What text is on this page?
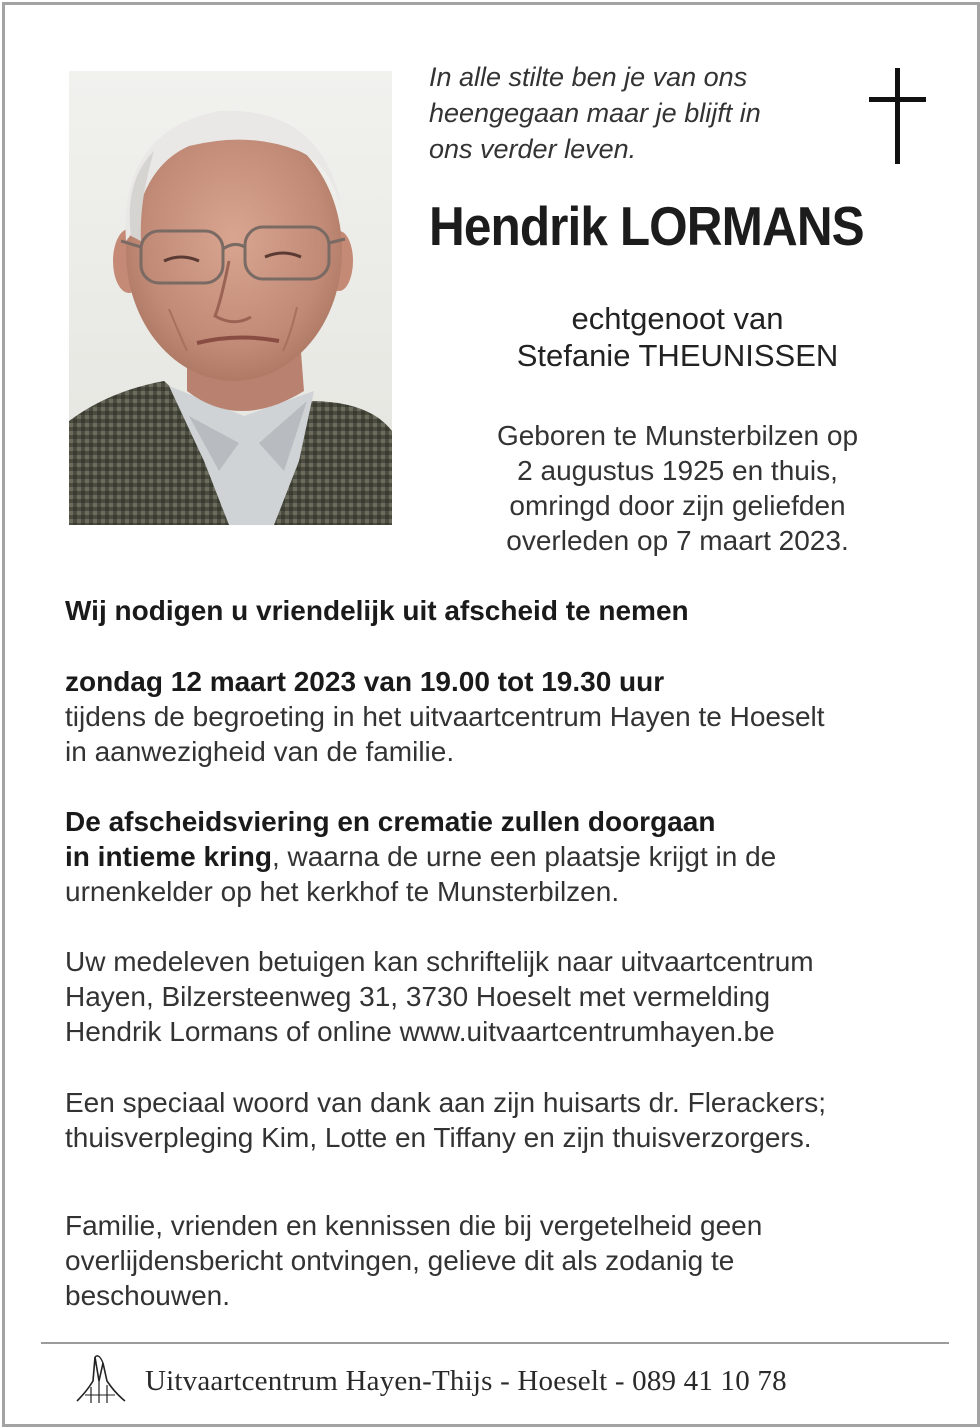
In alle stilte ben je van ons
heengegaan maar je blijft in
ons verder leven.
Hendrik LORMANS
echtgenoot van
Stefanie THEUNISSEN
Geboren te Munsterbilzen op
2 augustus 1925 en thuis,
omringd door zijn geliefden
overleden op 7 maart 2023.

Wij nodigen u vriendelijk uit afscheid te nemen

zondag 12 maart 2023 van 19.00 tot 19.30 uur
tijdens de begroeting in het uitvaartcentrum Hayen te Hoeselt
in aanwezigheid van de familie.

De afscheidsviering en crematie zullen doorgaan
in intieme kring, waarna de urne een plaatsje krijgt in de
urnenkelder op het kerkhof te Munsterbilzen.

Uw medeleven betuigen kan schriftelijk naar uitvaartcentrum
Hayen, Bilzersteenweg 31, 3730 Hoeselt met vermelding
Hendrik Lormans of online www.uitvaartcentrumhayen.be

Een speciaal woord van dank aan zijn huisarts dr. Flerackers;
thuisverpleging Kim, Lotte en Tiffany en zijn thuisverzorgers.

Familie, vrienden en kennissen die bij vergetelheid geen
overlijdensbericht ontvingen, gelieve dit als zodanig te
beschouwen.

Uitvaartcentrum Hayen-Thijs - Hoeselt - 089 41 10 78
